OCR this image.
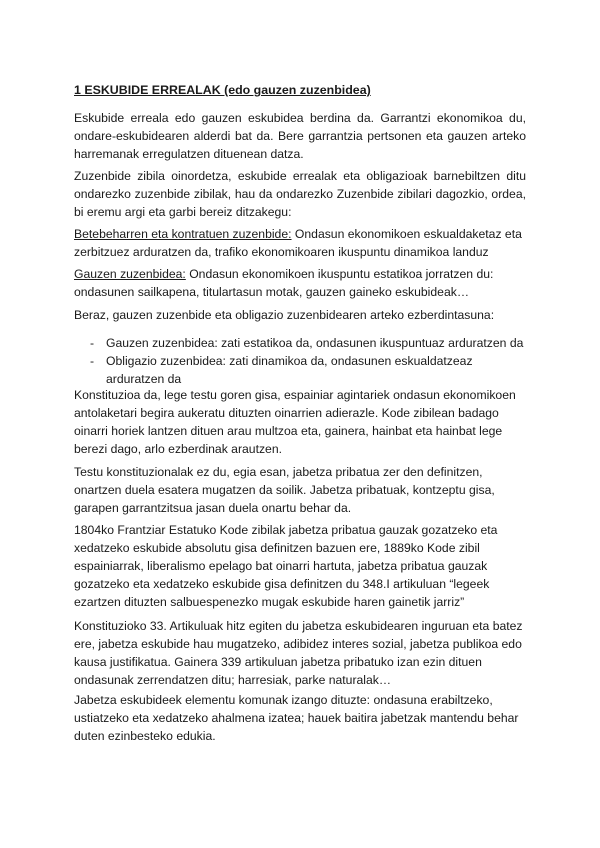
1 ESKUBIDE ERREALAK (edo gauzen zuzenbidea)

Eskubide erreala edo gauzen eskubidea berdina da. Garrantzi ekonomikoa du, ondare-eskubidearen alderdi bat da. Bere garrantzia pertsonen eta gauzen arteko harremanak erregulatzen dituenean datza.

Zuzenbide zibila oinordetza, eskubide errealak eta obligazioak barnebiltzen ditu ondarezko zuzenbide zibilak, hau da ondarezko Zuzenbide zibilari dagozkio, ordea, bi eremu argi eta garbi bereiz ditzakegu:

Betebeharren eta kontratuen zuzenbide: Ondasun ekonomikoen eskualdaketaz eta zerbitzuez arduratzen da, trafiko ekonomikoaren ikuspuntu dinamikoa landuz

Gauzen zuzenbidea: Ondasun ekonomikoen ikuspuntu estatikoa jorratzen du: ondasunen sailkapena, titulartasun motak, gauzen gaineko eskubideak…

Beraz, gauzen zuzenbide eta obligazio zuzenbidearen arteko ezberdintasuna:

- Gauzen zuzenbidea: zati estatikoa da, ondasunen ikuspuntuaz arduratzen da
- Obligazio zuzenbidea: zati dinamikoa da, ondasunen eskualdatzeaz arduratzen da

Konstituzioa da, lege testu goren gisa, espainiar agintariek ondasun ekonomikoen antolaketari begira aukeratu dituzten oinarrien adierazle. Kode zibilean badago oinarri horiek lantzen dituen arau multzoa eta, gainera, hainbat eta hainbat lege berezi dago, arlo ezberdinak arautzen.

Testu konstituzionalak ez du, egia esan, jabetza pribatua zer den definitzen, onartzen duela esatera mugatzen da soilik. Jabetza pribatuak, kontzeptu gisa, garapen garrantzitsua jasan duela onartu behar da.

1804ko Frantziar Estatuko Kode zibilak jabetza pribatua gauzak gozatzeko eta xedatzeko eskubide absolutu gisa definitzen bazuen ere, 1889ko Kode zibil espainiarrak, liberalismo epelago bat oinarri hartuta, jabetza pribatua gauzak gozatzeko eta xedatzeko eskubide gisa definitzen du 348.I artikuluan “legeek ezartzen dituzten salbuespenezko mugak eskubide haren gainetik jarriz”

Konstituzioko 33. Artikuluak hitz egiten du jabetza eskubidearen inguruan eta batez ere, jabetza eskubide hau mugatzeko, adibidez interes sozial, jabetza publikoa edo kausa justifikatua. Gainera 339 artikuluan jabetza pribatuko izan ezin dituen ondasunak zerrendatzen ditu; harresiak, parke naturalak…

Jabetza eskubideek elementu komunak izango dituzte: ondasuna erabiltzeko, ustiatzeko eta xedatzeko ahalmena izatea; hauek baitira jabetzak mantendu behar duten ezinbesteko edukia.
